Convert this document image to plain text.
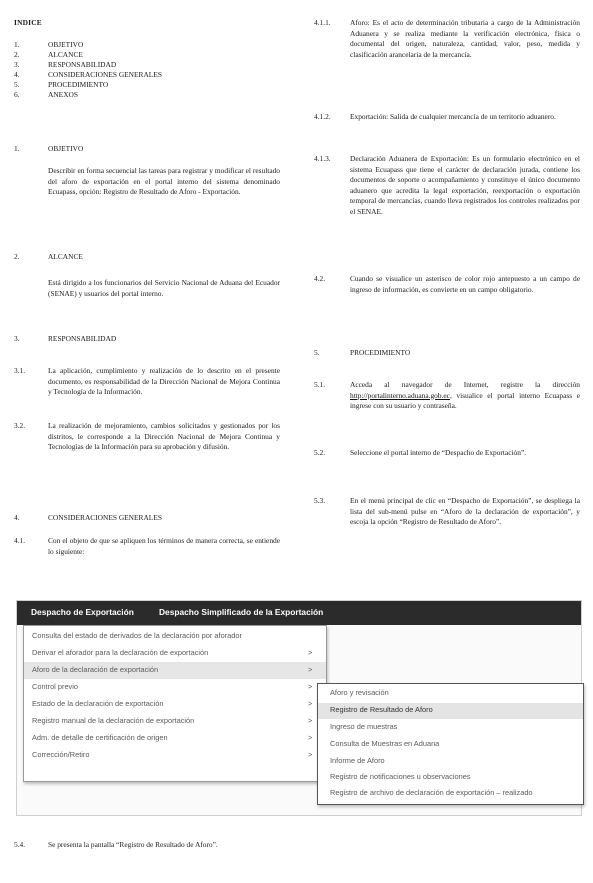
INDICE
1.	OBJETIVO
2.	ALCANCE
3.	RESPONSABILIDAD
4.	CONSIDERACIONES GENERALES
5.	PROCEDIMIENTO
6.	ANEXOS
1.	OBJETIVO
Describir en forma secuencial las tareas para registrar y modificar el resultado del aforo de exportación en el portal interno del sistema denominado Ecuapass, opción: Registro de Resultado de Aforo - Exportación.
2.	ALCANCE
Está dirigido a los funcionarios del Servicio Nacional de Aduana del Ecuador (SENAE) y usuarios del portal interno.
3.	RESPONSABILIDAD
3.1.	La aplicación, cumplimiento y realización de lo descrito en el presente documento, es responsabilidad de la Dirección Nacional de Mejora Continua y Tecnología de la Información.
3.2.	La realización de mejoramiento, cambios solicitados y gestionados por los distritos, le corresponde a la Dirección Nacional de Mejora Continua y Tecnologías de la Información para su aprobación y difusión.
4.	CONSIDERACIONES GENERALES
4.1.	Con el objeto de que se apliquen los términos de manera correcta, se entiende lo siguiente:
4.1.1.	Aforo: Es el acto de determinación tributaria a cargo de la Administración Aduanera y se realiza mediante la verificación electrónica, física o documental del origen, naturaleza, cantidad, valor, peso, medida y clasificación arancelaria de la mercancía.
4.1.2.	Exportación: Salida de cualquier mercancía de un territorio aduanero.
4.1.3.	Declaración Aduanera de Exportación: Es un formulario electrónico en el sistema Ecuapass que tiene el carácter de declaración jurada, contiene los documentos de soporte o acompañamiento y constituye el único documento aduanero que acredita la legal exportación, reexportación o exportación temporal de mercancías, cuando lleva registrados los controles realizados por el SENAE.
4.2.	Cuando se visualice un asterisco de color rojo antepuesto a un campo de ingreso de información, es convierte en un campo obligatorio.
5.	PROCEDIMIENTO
5.1.	Acceda al navegador de Internet, registre la dirección http://portalinterno.aduana.gob.ec, visualice el portal interno Ecuapass e ingrese con su usuario y contraseña.
5.2.	Seleccione el portal interno de “Despacho de Exportación”.
5.3.	En el menú principal de clic en “Despacho de Exportación”, se despliega la lista del sub-menú pulse en “Aforo de la declaración de exportación”, y escoja la opción “Registro de Resultado de Aforo”.
Despacho de Exportación	Despacho Simplificado de la Exportación
Consulta del estado de derivados de la declaración por aforador
Derivar el aforador para la declaración de exportación	>
Aforo de la declaración de exportación	>
Control previo	>
Estado de la declaración de exportación	>
Registro manual de la declaración de exportación	>
Adm. de detalle de certificación de origen	>
Corrección/Retiro	>
Aforo y revisación
Registro de Resultado de Aforo
Ingreso de muestras
Consulta de Muestras en Aduana
Informe de Aforo
Registro de notificaciones u observaciones
Registro de archivo de declaración de exportación – realizado
5.4.	Se presenta la pantalla “Registro de Resultado de Aforo”.
